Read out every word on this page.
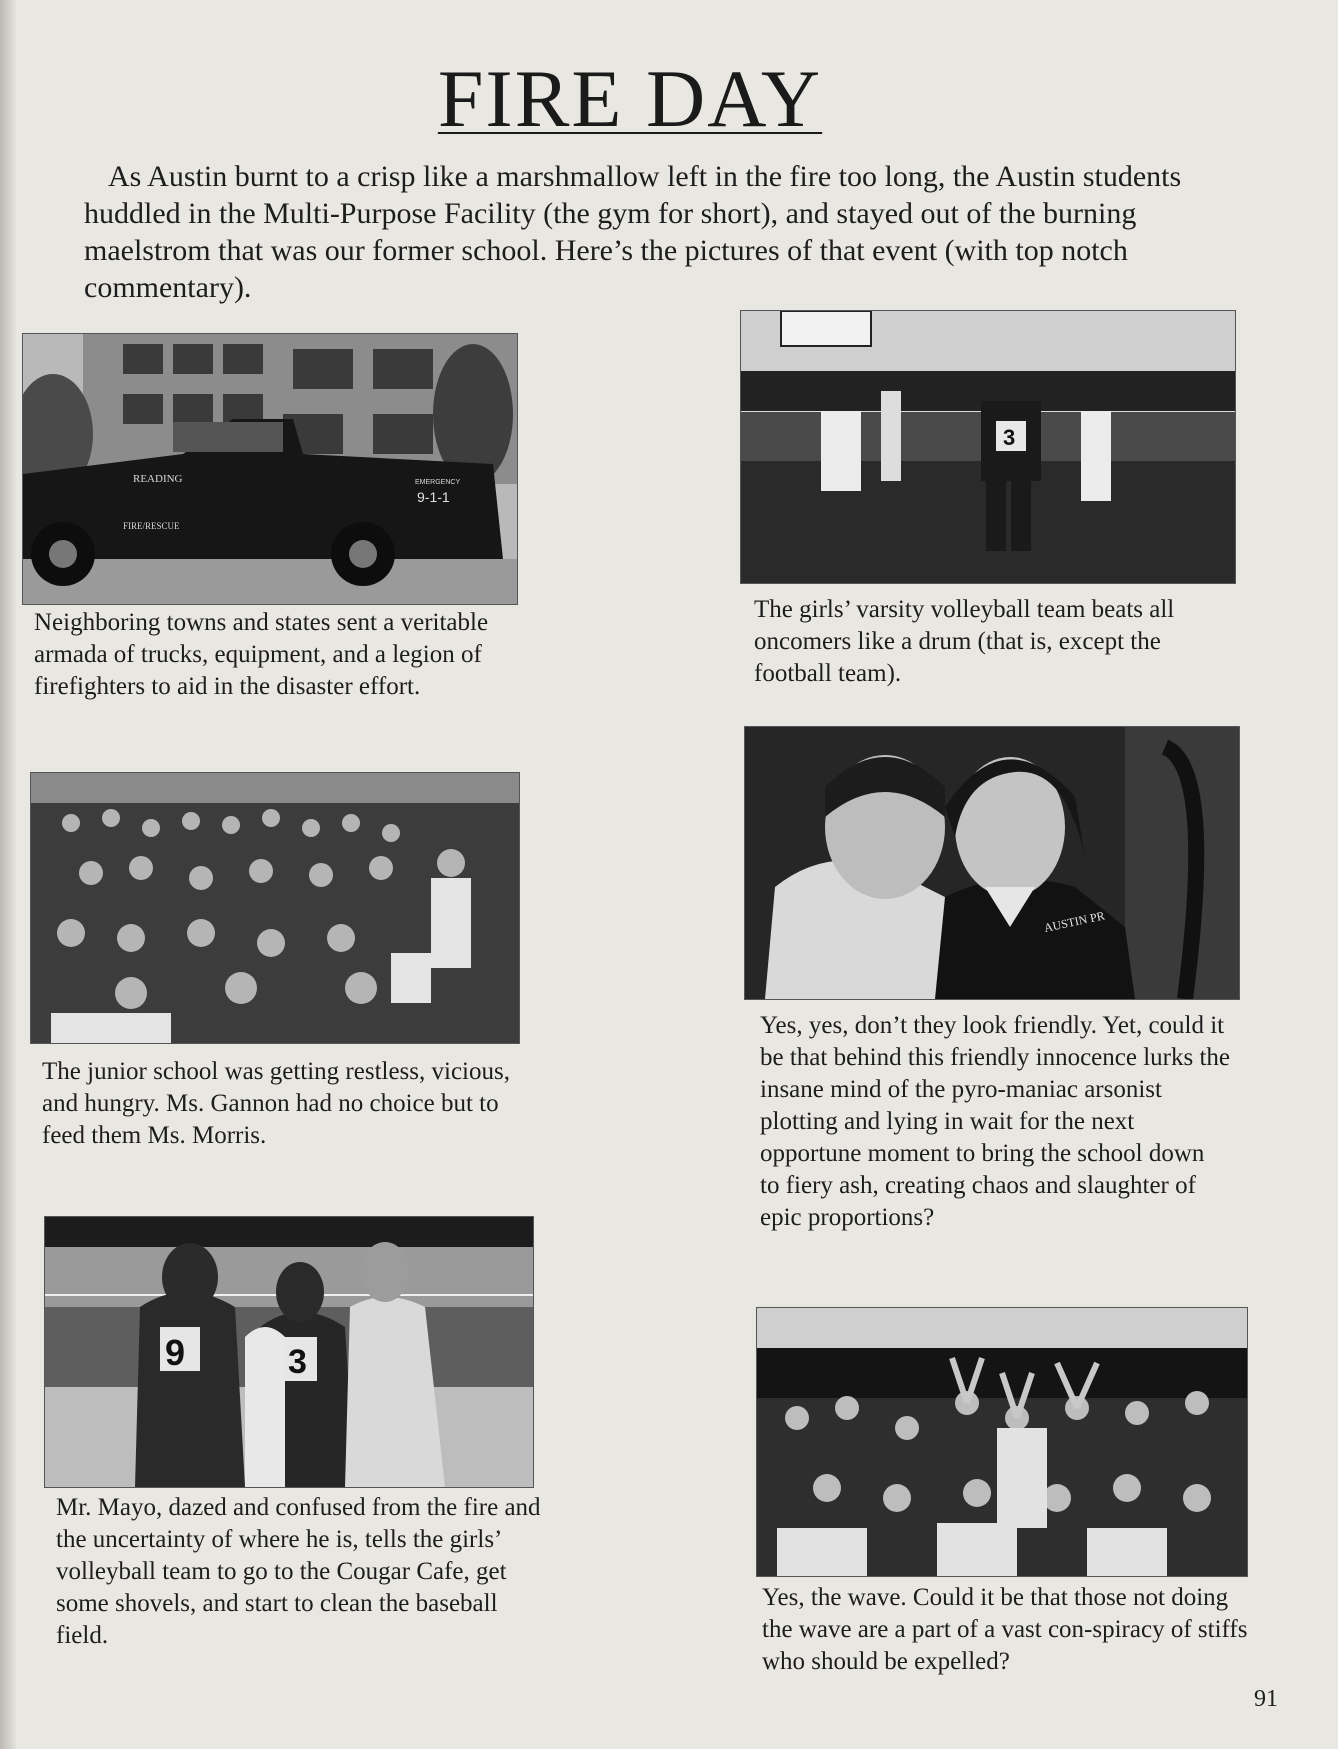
FIRE DAY
As Austin burnt to a crisp like a marshmallow left in the fire too long, the Austin students huddled in the Multi-Purpose Facility (the gym for short), and stayed out of the burning maelstrom that was our former school. Here’s the pictures of that event (with top notch commentary).
READING
FIRE/RESCUE
EMERGENCY
9-1-1
Neighboring towns and states sent a veritable armada of trucks, equipment, and a legion of firefighters to aid in the disaster effort.
3
The girls’ varsity volleyball team beats all oncomers like a drum (that is, except the football team).
The junior school was getting restless, vicious, and hungry. Ms. Gannon had no choice but to feed them Ms. Morris.
AUSTIN PR
Yes, yes, don’t they look friendly. Yet, could it be that behind this friendly innocence lurks the insane mind of the pyro-maniac arsonist plotting and lying in wait for the next opportune moment to bring the school down to fiery ash, creating chaos and slaughter of epic proportions?
9	3
Mr. Mayo, dazed and confused from the fire and the uncertainty of where he is, tells the girls’ volleyball team to go to the Cougar Cafe, get some shovels, and start to clean the baseball field.
Yes, the wave. Could it be that those not doing the wave are a part of a vast con-spiracy of stiffs who should be expelled?
91
